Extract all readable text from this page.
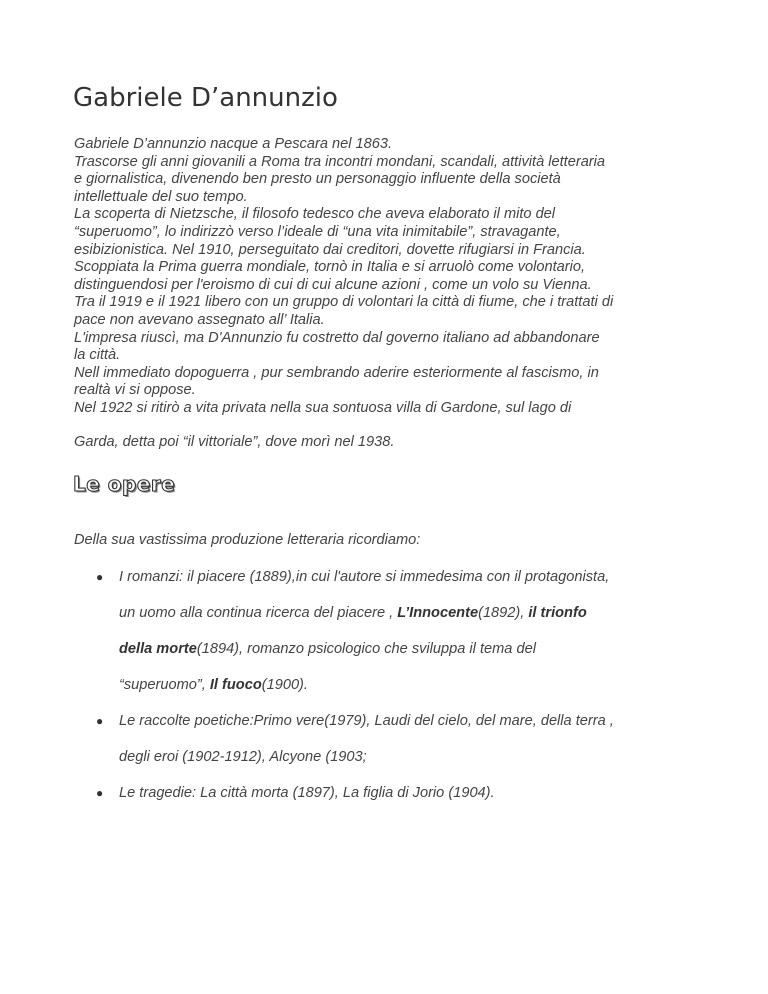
Gabriele D’annunzio
Gabriele D’annunzio nacque a Pescara nel 1863.
Trascorse gli anni giovanili a Roma tra incontri mondani, scandali, attività letteraria
e giornalistica, divenendo ben presto un personaggio influente della società
intellettuale del suo tempo.
La scoperta di Nietzsche, il filosofo tedesco che aveva elaborato il mito del
“superuomo”, lo indirizzò verso l’ideale di “una vita inimitabile”, stravagante,
esibizionistica. Nel 1910, perseguitato dai creditori, dovette rifugiarsi in Francia.
Scoppiata la Prima guerra mondiale, tornò in Italia e si arruolò come volontario,
distinguendosi per l'eroismo di cui di cui alcune azioni , come un volo su Vienna.
Tra il 1919 e il 1921 libero con un gruppo di volontari la città di fiume, che i trattati di
pace non avevano assegnato all’ Italia.
L'impresa riuscì, ma D'Annunzio fu costretto dal governo italiano ad abbandonare
la città.
Nell immediato dopoguerra , pur sembrando aderire esteriormente al fascismo, in
realtà vi si oppose.
Nel 1922 si ritirò a vita privata nella sua sontuosa villa di Gardone, sul lago di
Garda, detta poi “il vittoriale”, dove morì nel 1938.
Le opere

Della sua vastissima produzione letteraria ricordiamo:

● I romanzi: il piacere (1889),in cui l'autore si immedesima con il protagonista,
un uomo alla continua ricerca del piacere , L’Innocente(1892), il trionfo
della morte(1894), romanzo psicologico che sviluppa il tema del
“superuomo”, Il fuoco(1900).
● Le raccolte poetiche:Primo vere(1979), Laudi del cielo, del mare, della terra ,
degli eroi (1902-1912), Alcyone (1903;
● Le tragedie: La città morta (1897), La figlia di Jorio (1904).
